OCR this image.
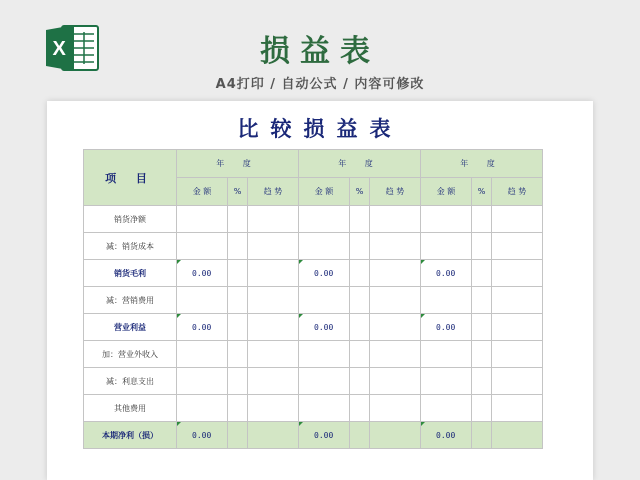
X	损益表
A4打印 / 自动公式 / 内容可修改
比较损益表
项 目	年 度			年 度			年 度		
	金 额	%	趋 势	金 额	%	趋 势	金 额	%	趋 势
销货净额									
减：销货成本									
销货毛利	0.00			0.00			0.00		
减：营销费用									
营业利益	0.00			0.00			0.00		
加：营业外收入									
减：利息支出									
其他费用									
本期净利（损）	0.00			0.00			0.00		
